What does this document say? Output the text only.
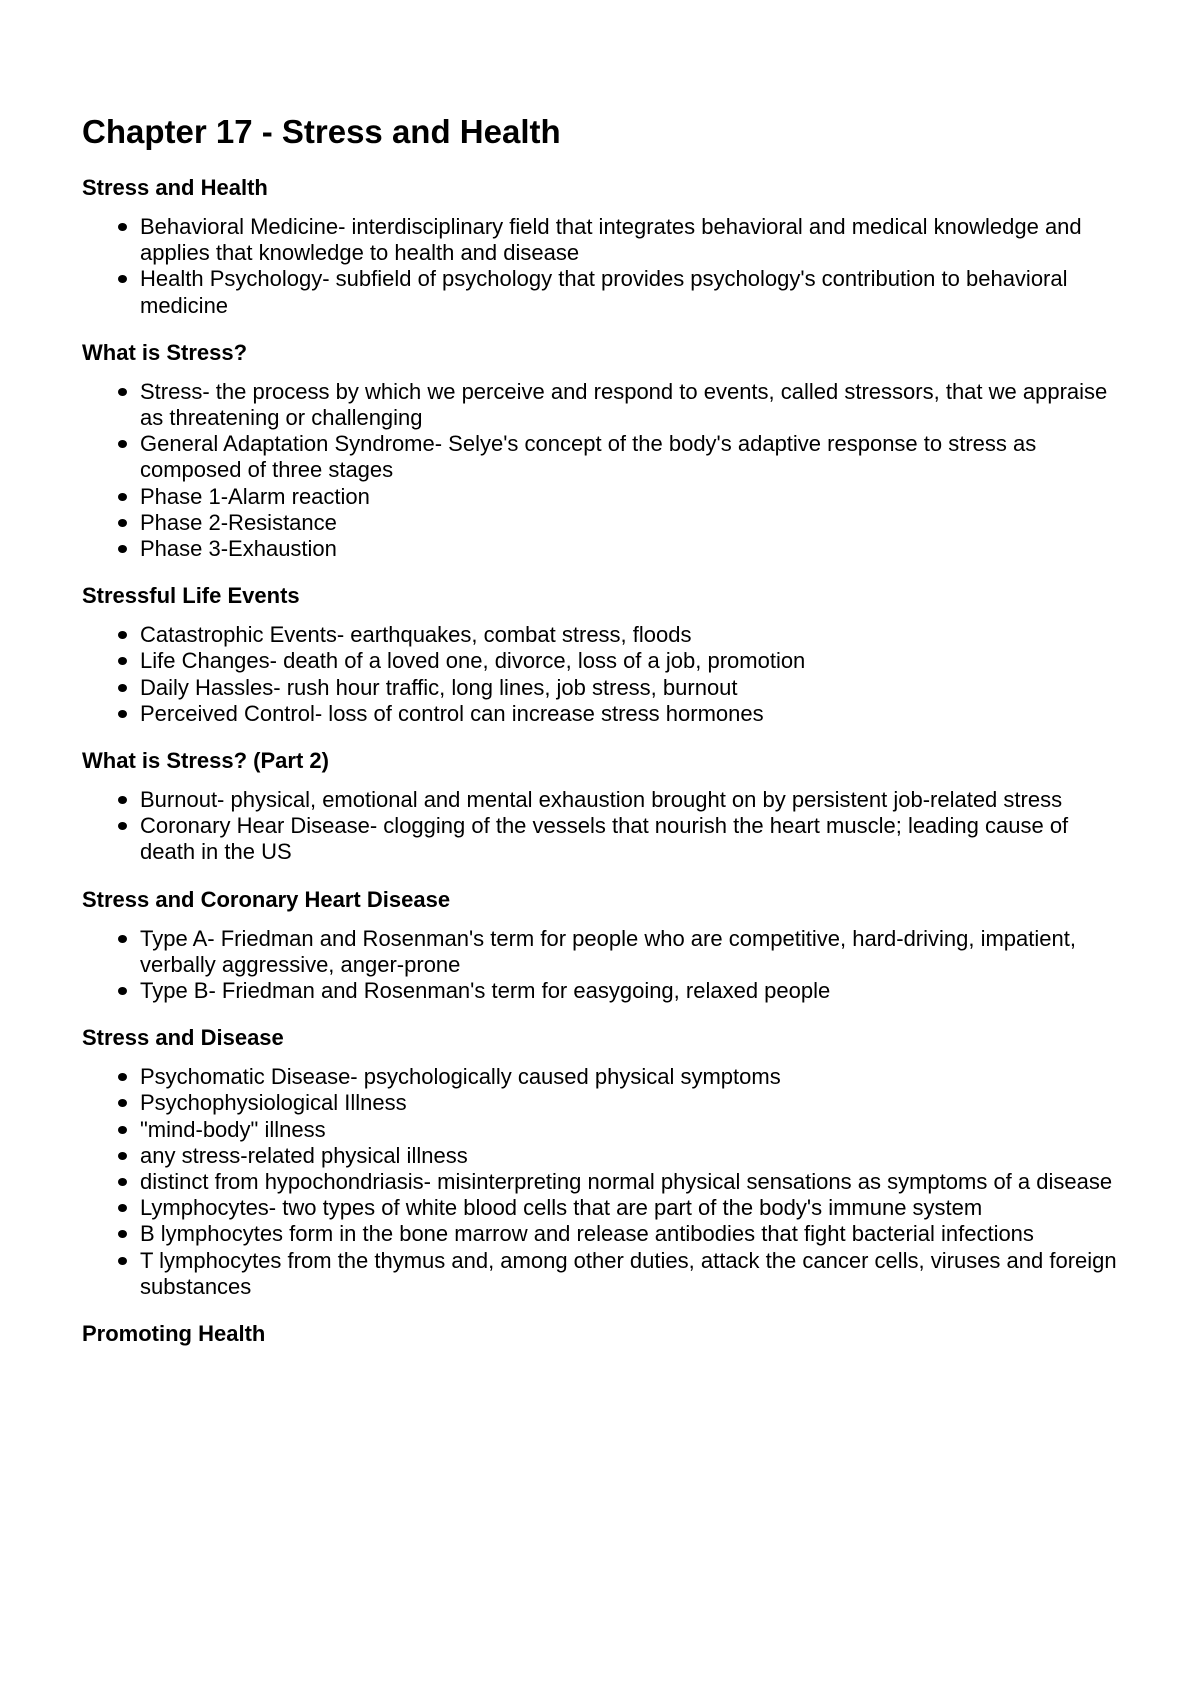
Chapter 17 - Stress and Health
Stress and Health
Behavioral Medicine- interdisciplinary field that integrates behavioral and medical knowledge and applies that knowledge to health and disease
Health Psychology- subfield of psychology that provides psychology's contribution to behavioral medicine
What is Stress?
Stress- the process by which we perceive and respond to events, called stressors, that we appraise as threatening or challenging
General Adaptation Syndrome- Selye's concept of the body's adaptive response to stress as composed of three stages
Phase 1-Alarm reaction
Phase 2-Resistance
Phase 3-Exhaustion
Stressful Life Events
Catastrophic Events- earthquakes, combat stress, floods
Life Changes- death of a loved one, divorce, loss of a job, promotion
Daily Hassles- rush hour traffic, long lines, job stress, burnout
Perceived Control- loss of control can increase stress hormones
What is Stress? (Part 2)
Burnout- physical, emotional and mental exhaustion brought on by persistent job-related stress
Coronary Hear Disease- clogging of the vessels that nourish the heart muscle; leading cause of death in the US
Stress and Coronary Heart Disease
Type A- Friedman and Rosenman's term for people who are competitive, hard-driving, impatient, verbally aggressive, anger-prone
Type B- Friedman and Rosenman's term for easygoing, relaxed people
Stress and Disease
Psychomatic Disease- psychologically caused physical symptoms
Psychophysiological Illness
"mind-body" illness
any stress-related physical illness
distinct from hypochondriasis- misinterpreting normal physical sensations as symptoms of a disease
Lymphocytes- two types of white blood cells that are part of the body's immune system
B lymphocytes form in the bone marrow and release antibodies that fight bacterial infections
T lymphocytes from the thymus and, among other duties, attack the cancer cells, viruses and foreign substances
Promoting Health
